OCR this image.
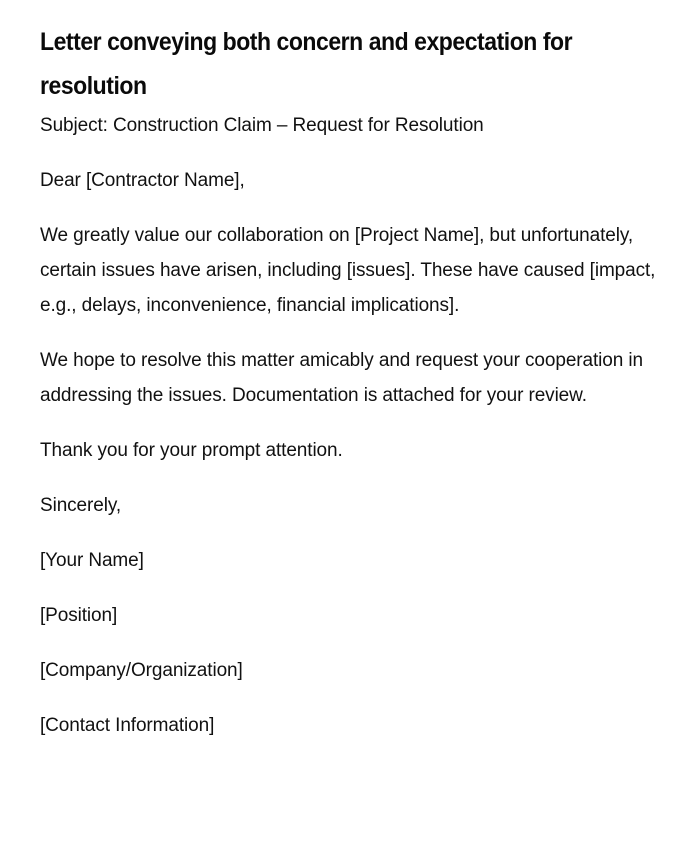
Letter conveying both concern and expectation for resolution

Subject: Construction Claim – Request for Resolution

Dear [Contractor Name],

We greatly value our collaboration on [Project Name], but unfortunately, certain issues have arisen, including [issues]. These have caused [impact, e.g., delays, inconvenience, financial implications].

We hope to resolve this matter amicably and request your cooperation in addressing the issues. Documentation is attached for your review.

Thank you for your prompt attention.

Sincerely,

[Your Name]

[Position]

[Company/Organization]

[Contact Information]
